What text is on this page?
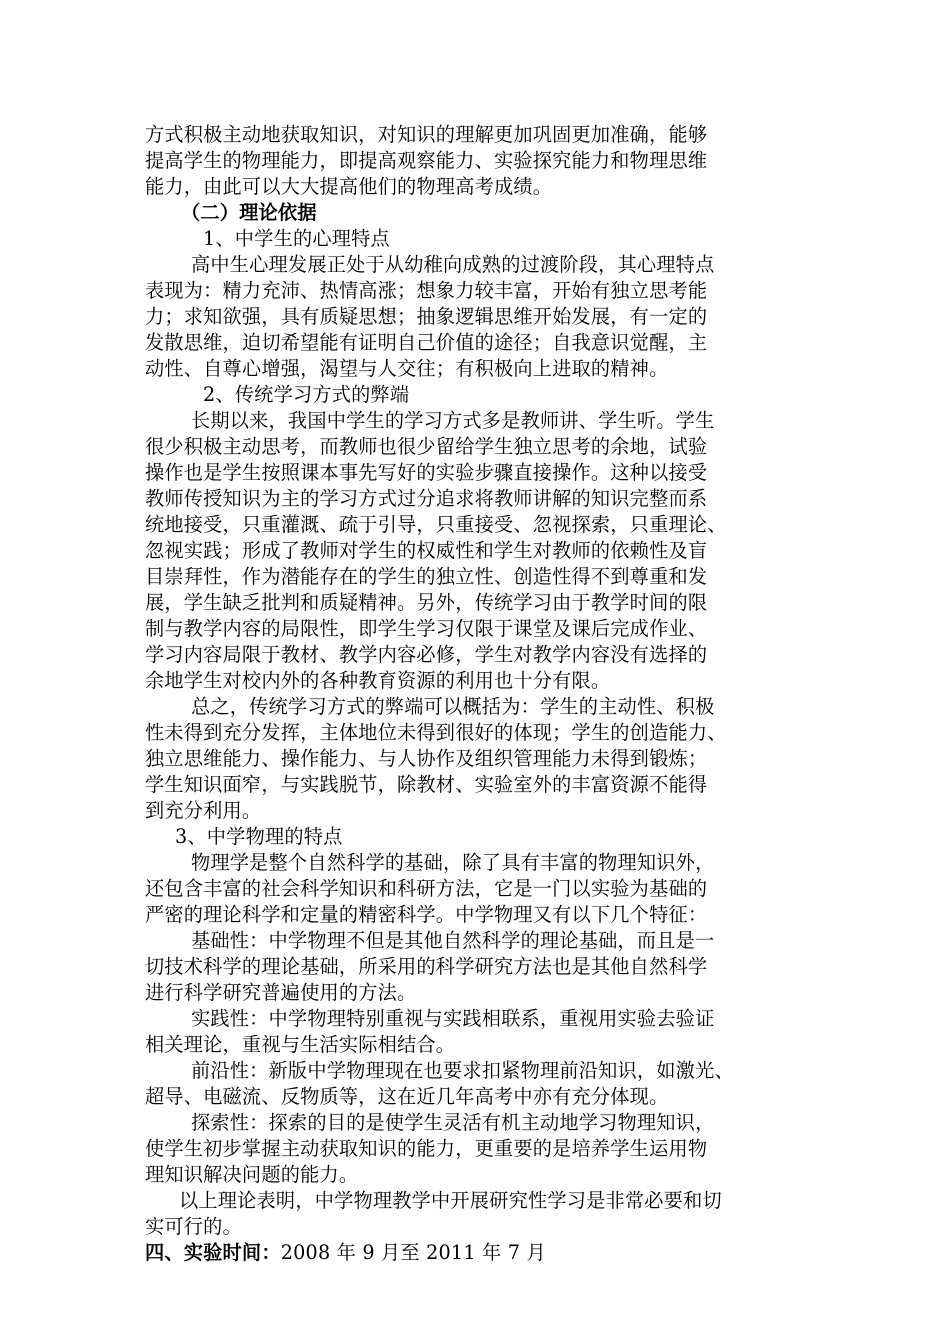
方式积极主动地获取知识，对知识的理解更加巩固更加准确，能够
提高学生的物理能力，即提高观察能力、实验探究能力和物理思维
能力，由此可以大大提高他们的物理高考成绩。
（二）理论依据
1、中学生的心理特点
高中生心理发展正处于从幼稚向成熟的过渡阶段，其心理特点
表现为：精力充沛、热情高涨；想象力较丰富，开始有独立思考能
力；求知欲强，具有质疑思想；抽象逻辑思维开始发展，有一定的
发散思维，迫切希望能有证明自己价值的途径；自我意识觉醒，主
动性、自尊心增强，渴望与人交往；有积极向上进取的精神。
2、传统学习方式的弊端
长期以来，我国中学生的学习方式多是教师讲、学生听。学生
很少积极主动思考，而教师也很少留给学生独立思考的余地，试验
操作也是学生按照课本事先写好的实验步骤直接操作。这种以接受
教师传授知识为主的学习方式过分追求将教师讲解的知识完整而系
统地接受，只重灌溉、疏于引导，只重接受、忽视探索，只重理论、
忽视实践；形成了教师对学生的权威性和学生对教师的依赖性及盲
目崇拜性，作为潜能存在的学生的独立性、创造性得不到尊重和发
展，学生缺乏批判和质疑精神。另外，传统学习由于教学时间的限
制与教学内容的局限性，即学生学习仅限于课堂及课后完成作业、
学习内容局限于教材、教学内容必修，学生对教学内容没有选择的
余地学生对校内外的各种教育资源的利用也十分有限。
总之，传统学习方式的弊端可以概括为：学生的主动性、积极
性未得到充分发挥，主体地位未得到很好的体现；学生的创造能力、
独立思维能力、操作能力、与人协作及组织管理能力未得到锻炼；
学生知识面窄，与实践脱节，除教材、实验室外的丰富资源不能得
到充分利用。
3、中学物理的特点
物理学是整个自然科学的基础，除了具有丰富的物理知识外，
还包含丰富的社会科学知识和科研方法，它是一门以实验为基础的
严密的理论科学和定量的精密科学。中学物理又有以下几个特征：
基础性：中学物理不但是其他自然科学的理论基础，而且是一
切技术科学的理论基础，所采用的科学研究方法也是其他自然科学
进行科学研究普遍使用的方法。
实践性：中学物理特别重视与实践相联系，重视用实验去验证
相关理论，重视与生活实际相结合。
前沿性：新版中学物理现在也要求扣紧物理前沿知识，如激光、
超导、电磁流、反物质等，这在近几年高考中亦有充分体现。
探索性：探索的目的是使学生灵活有机主动地学习物理知识，
使学生初步掌握主动获取知识的能力，更重要的是培养学生运用物
理知识解决问题的能力。
以上理论表明，中学物理教学中开展研究性学习是非常必要和切
实可行的。
四、实验时间：2008 年 9 月至 2011 年 7 月
